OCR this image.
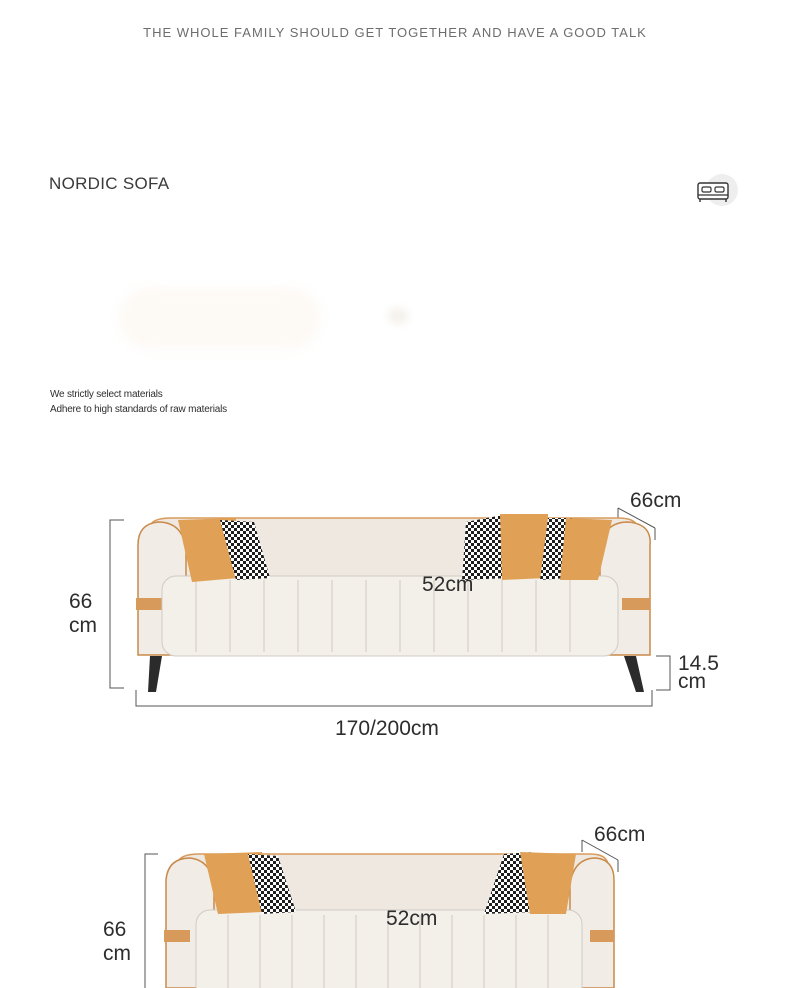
THE WHOLE FAMILY SHOULD GET TOGETHER AND HAVE A GOOD TALK
NORDIC SOFA
We strictly select materials
Adhere to high standards of raw materials
66
cm
66cm
52cm
14.5
cm
170/200cm
66
cm
66cm
52cm
